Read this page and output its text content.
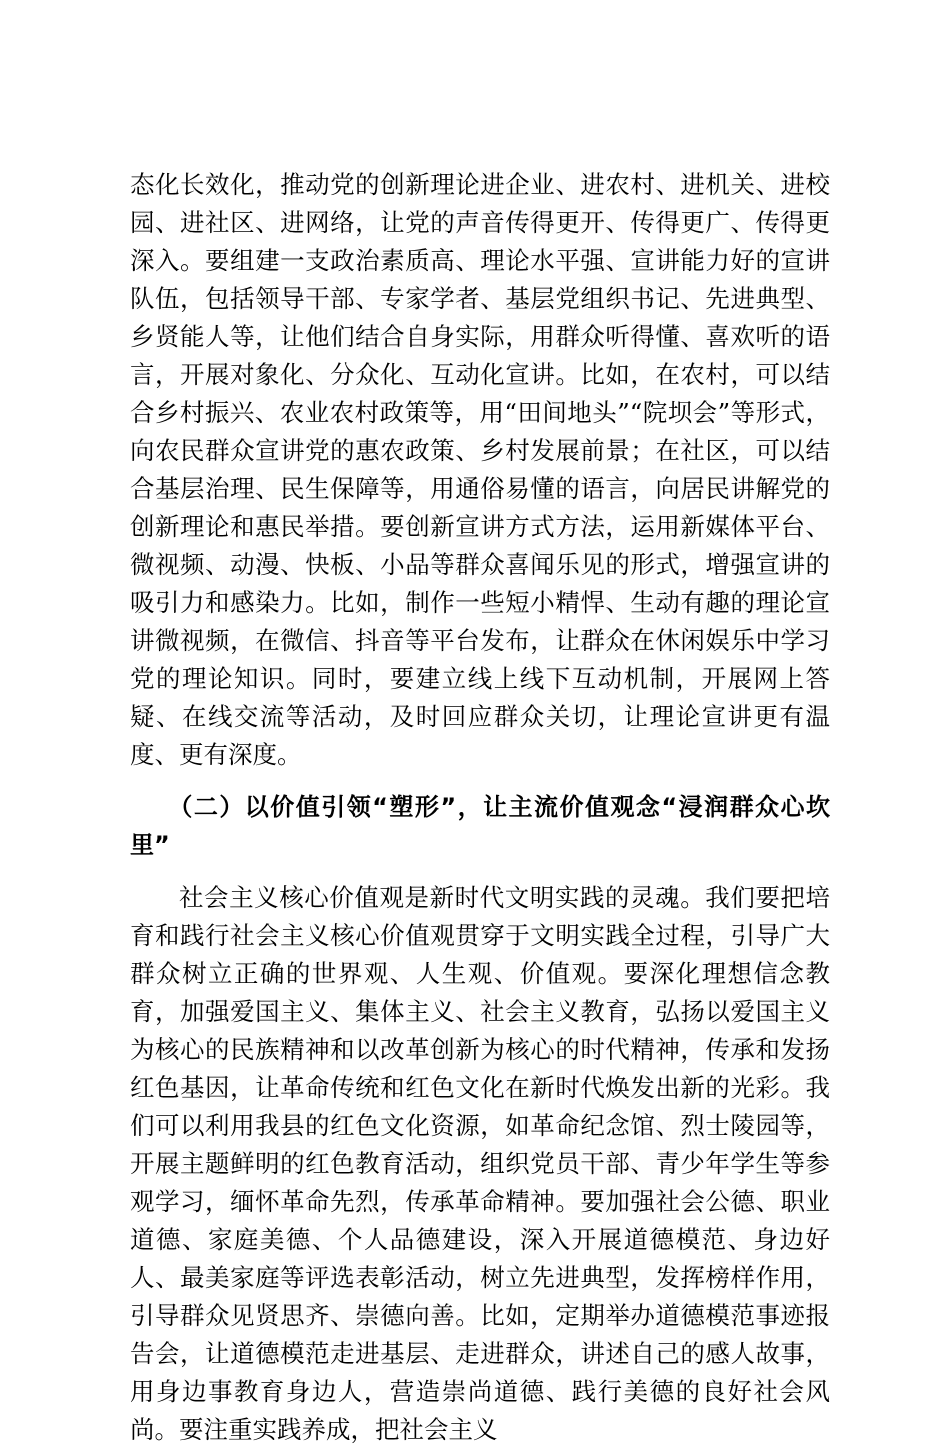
态化长效化，推动党的创新理论进企业、进农村、进机关、进校园、进社区、进网络，让党的声音传得更开、传得更广、传得更深入。要组建一支政治素质高、理论水平强、宣讲能力好的宣讲队伍，包括领导干部、专家学者、基层党组织书记、先进典型、乡贤能人等，让他们结合自身实际，用群众听得懂、喜欢听的语言，开展对象化、分众化、互动化宣讲。比如，在农村，可以结合乡村振兴、农业农村政策等，用“田间地头”“院坝会”等形式，向农民群众宣讲党的惠农政策、乡村发展前景；在社区，可以结合基层治理、民生保障等，用通俗易懂的语言，向居民讲解党的创新理论和惠民举措。要创新宣讲方式方法，运用新媒体平台、微视频、动漫、快板、小品等群众喜闻乐见的形式，增强宣讲的吸引力和感染力。比如，制作一些短小精悍、生动有趣的理论宣讲微视频，在微信、抖音等平台发布，让群众在休闲娱乐中学习党的理论知识。同时，要建立线上线下互动机制，开展网上答疑、在线交流等活动，及时回应群众关切，让理论宣讲更有温度、更有深度。

（二）以价值引领“塑形”，让主流价值观念“浸润群众心坎里”

社会主义核心价值观是新时代文明实践的灵魂。我们要把培育和践行社会主义核心价值观贯穿于文明实践全过程，引导广大群众树立正确的世界观、人生观、价值观。要深化理想信念教育，加强爱国主义、集体主义、社会主义教育，弘扬以爱国主义为核心的民族精神和以改革创新为核心的时代精神，传承和发扬红色基因，让革命传统和红色文化在新时代焕发出新的光彩。我们可以利用我县的红色文化资源，如革命纪念馆、烈士陵园等，开展主题鲜明的红色教育活动，组织党员干部、青少年学生等参观学习，缅怀革命先烈，传承革命精神。要加强社会公德、职业道德、家庭美德、个人品德建设，深入开展道德模范、身边好人、最美家庭等评选表彰活动，树立先进典型，发挥榜样作用，引导群众见贤思齐、崇德向善。比如，定期举办道德模范事迹报告会，让道德模范走进基层、走进群众，讲述自己的感人故事，用身边事教育身边人，营造崇尚道德、践行美德的良好社会风尚。要注重实践养成，把社会主义
